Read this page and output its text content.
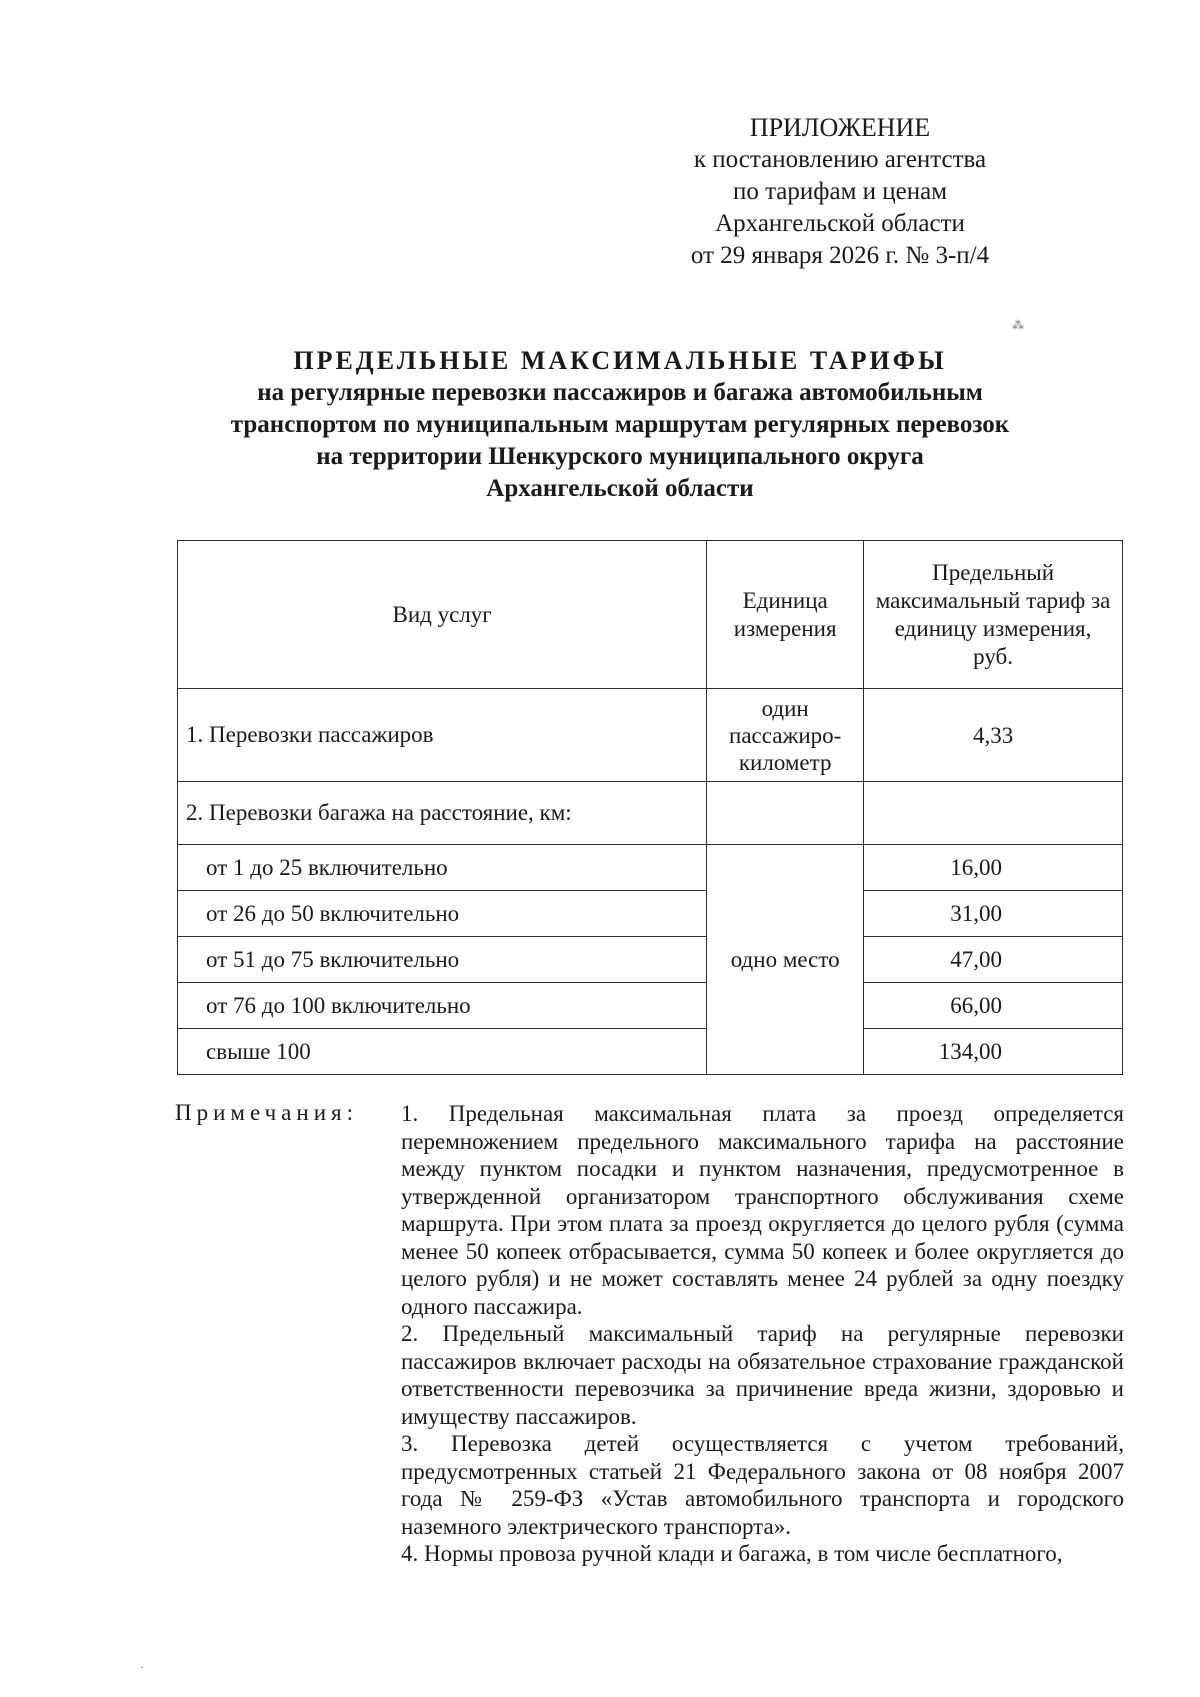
ПРИЛОЖЕНИЕ
к постановлению агентства
по тарифам и ценам
Архангельской области
от 29 января 2026 г. № 3-п/4
ПРЕДЕЛЬНЫЕ МАКСИМАЛЬНЫЕ ТАРИФЫ
на регулярные перевозки пассажиров и багажа автомобильным
транспортом по муниципальным маршрутам регулярных перевозок
на территории Шенкурского муниципального округа
Архангельской области
Вид услуг	Единица измерения	Предельный максимальный тариф за единицу измерения, руб.
1. Перевозки пассажиров	один пассажиро-километр	4,33
2. Перевозки багажа на расстояние, км:		
от 1 до 25 включительно	одно место	16,00
от 26 до 50 включительно		31,00
от 51 до 75 включительно		47,00
от 76 до 100 включительно		66,00
свыше 100		134,00
Примечания: 1. Предельная максимальная плата за проезд определяется перемножением предельного максимального тарифа на расстояние между пунктом посадки и пунктом назначения, предусмотренное в утвержденной организатором транспортного обслуживания схеме маршрута. При этом плата за проезд округляется до целого рубля (сумма менее 50 копеек отбрасывается, сумма 50 копеек и более округляется до целого рубля) и не может составлять менее 24 рублей за одну поездку одного пассажира.

2. Предельный максимальный тариф на регулярные перевозки пассажиров включает расходы на обязательное страхование гражданской ответственности перевозчика за причинение вреда жизни, здоровью и имуществу пассажиров.

3. Перевозка детей осуществляется с учетом требований, предусмотренных статьей 21 Федерального закона от 08 ноября 2007 года № 259-ФЗ «Устав автомобильного транспорта и городского наземного электрического транспорта».

4. Нормы провоза ручной клади и багажа, в том числе бесплатного,

⁂
·
